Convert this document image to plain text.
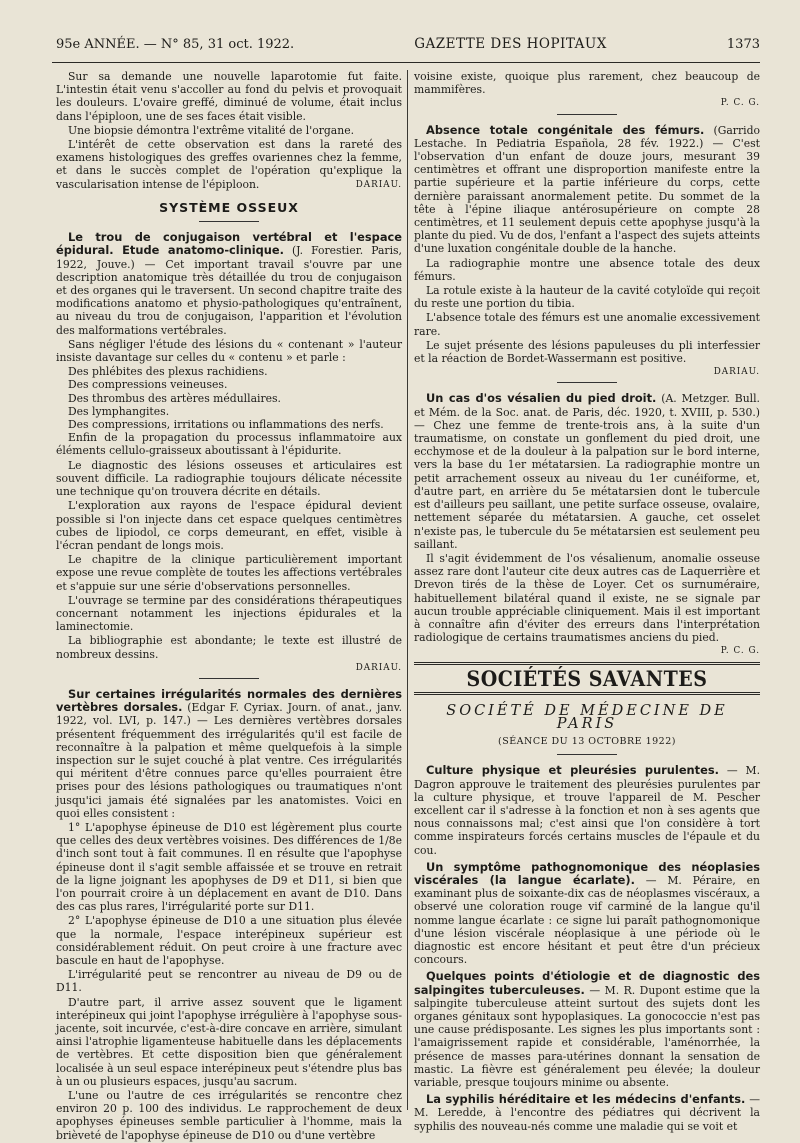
95e ANNÉE. — N° 85, 31 oct. 1922.	GAZETTE DES HOPITAUX	1373

Sur sa demande une nouvelle laparotomie fut faite. L'intestin était venu s'accoller au fond du pelvis et provoquait les douleurs. L'ovaire greffé, diminué de volume, était inclus dans l'épiploon, une de ses faces était visible.

Une biopsie démontra l'extrême vitalité de l'organe.

L'intérêt de cette observation est dans la rareté des examens histologiques des greffes ovariennes chez la femme, et dans le succès complet de l'opération qu'explique la vascularisation intense de l'épiploon.	DARIAU.
SYSTÈME OSSEUX

Le trou de conjugaison vertébral et l'espace épidural. Etude anatomo-clinique. (J. Forestier. Paris, 1922, Jouve.) — Cet important travail s'ouvre par une description anatomique très détaillée du trou de conjugaison et des organes qui le traversent. Un second chapitre traite des modifications anatomo et physio-pathologiques qu'entraînent, au niveau du trou de conjugaison, l'apparition et l'évolution des malformations vertébrales.

Sans négliger l'étude des lésions du « contenant » l'auteur insiste davantage sur celles du « contenu » et parle :

Des phlébites des plexus rachidiens.
Des compressions veineuses.
Des thrombus des artères médullaires.
Des lymphangites.
Des compressions, irritations ou inflammations des nerfs.

Enfin de la propagation du processus inflammatoire aux éléments cellulo-graisseux aboutissant à l'épidurite.

Le diagnostic des lésions osseuses et articulaires est souvent difficile. La radiographie toujours délicate nécessite une technique qu'on trouvera décrite en détails.

L'exploration aux rayons de l'espace épidural devient possible si l'on injecte dans cet espace quelques centimètres cubes de lipiodol, ce corps demeurant, en effet, visible à l'écran pendant de longs mois.

Le chapitre de la clinique particulièrement important expose une revue complète de toutes les affections vertébrales et s'appuie sur une série d'observations personnelles.

L'ouvrage se termine par des considérations thérapeutiques concernant notamment les injections épidurales et la laminectomie.

La bibliographie est abondante; le texte est illustré de nombreux dessins.

DARIAU.

Sur certaines irrégularités normales des dernières vertèbres dorsales. (Edgar F. Cyriax. Journ. of anat., janv. 1922, vol. LVI, p. 147.) — Les dernières vertèbres dorsales présentent fréquemment des irrégularités qu'il est facile de reconnaître à la palpation et même quelquefois à la simple inspection sur le sujet couché à plat ventre. Ces irrégularités qui méritent d'être connues parce qu'elles pourraient être prises pour des lésions pathologiques ou traumatiques n'ont jusqu'ici jamais été signalées par les anatomistes. Voici en quoi elles consistent :

1° L'apophyse épineuse de D10 est légèrement plus courte que celles des deux vertèbres voisines. Des différences de 1/8e d'inch sont tout à fait communes. Il en résulte que l'apophyse épineuse dont il s'agit semble affaissée et se trouve en retrait de la ligne joignant les apophyses de D9 et D11, si bien que l'on pourrait croire à un déplacement en avant de D10. Dans des cas plus rares, l'irrégularité porte sur D11.

2° L'apophyse épineuse de D10 a une situation plus élevée que la normale, l'espace interépineux supérieur est considérablement réduit. On peut croire à une fracture avec bascule en haut de l'apophyse.

L'irrégularité peut se rencontrer au niveau de D9 ou de D11.

D'autre part, il arrive assez souvent que le ligament interépineux qui joint l'apophyse irrégulière à l'apophyse sous-jacente, soit incurvée, c'est-à-dire concave en arrière, simulant ainsi l'atrophie ligamenteuse habituelle dans les déplacements de vertèbres. Et cette disposition bien que généralement localisée à un seul espace interépineux peut s'étendre plus bas à un ou plusieurs espaces, jusqu'au sacrum.

L'une ou l'autre de ces irrégularités se rencontre chez environ 20 p. 100 des individus. Le rapprochement de deux apophyses épineuses semble particulier à l'homme, mais la brièveté de l'apophyse épineuse de D10 ou d'une vertèbre

voisine existe, quoique plus rarement, chez beaucoup de mammifères.

P. C. G.

Absence totale congénitale des fémurs. (Garrido Lestache. In Pediatria Española, 28 fév. 1922.) — C'est l'observation d'un enfant de douze jours, mesurant 39 centimètres et offrant une disproportion manifeste entre la partie supérieure et la partie inférieure du corps, cette dernière paraissant anormalement petite. Du sommet de la tête à l'épine iliaque antérosupérieure on compte 28 centimètres, et 11 seulement depuis cette apophyse jusqu'à la plante du pied. Vu de dos, l'enfant a l'aspect des sujets atteints d'une luxation congénitale double de la hanche.

La radiographie montre une absence totale des deux fémurs.

La rotule existe à la hauteur de la cavité cotyloïde qui reçoit du reste une portion du tibia.

L'absence totale des fémurs est une anomalie excessivement rare.

Le sujet présente des lésions papuleuses du pli interfessier et la réaction de Bordet-Wassermann est positive.

DARIAU.

Un cas d'os vésalien du pied droit. (A. Metzger. Bull. et Mém. de la Soc. anat. de Paris, déc. 1920, t. XVIII, p. 530.) — Chez une femme de trente-trois ans, à la suite d'un traumatisme, on constate un gonflement du pied droit, une ecchymose et de la douleur à la palpation sur le bord interne, vers la base du 1er métatarsien. La radiographie montre un petit arrachement osseux au niveau du 1er cunéiforme, et, d'autre part, en arrière du 5e métatarsien dont le tubercule est d'ailleurs peu saillant, une petite surface osseuse, ovalaire, nettement séparée du métatarsien. A gauche, cet osselet n'existe pas, le tubercule du 5e métatarsien est seulement peu saillant.

Il s'agit évidemment de l'os vésalienum, anomalie osseuse assez rare dont l'auteur cite deux autres cas de Laquerrière et Drevon tirés de la thèse de Loyer. Cet os surnuméraire, habituellement bilatéral quand il existe, ne se signale par aucun trouble appréciable cliniquement. Mais il est important à connaître afin d'éviter des erreurs dans l'interprétation radiologique de certains traumatismes anciens du pied.

P. C. G.
SOCIÉTÉS SAVANTES
SOCIÉTÉ DE MÉDECINE DE PARIS
(SÉANCE DU 13 OCTOBRE 1922)

Culture physique et pleurésies purulentes. — M. Dagron approuve le traitement des pleurésies purulentes par la culture physique, et trouve l'appareil de M. Pescher excellent car il s'adresse à la fonction et non à ses agents que nous connaissons mal; c'est ainsi que l'on considère à tort comme inspirateurs forcés certains muscles de l'épaule et du cou.

Un symptôme pathognomonique des néoplasies viscérales (la langue écarlate). — M. Péraire, en examinant plus de soixante-dix cas de néoplasmes viscéraux, a observé une coloration rouge vif carminé de la langue qu'il nomme langue écarlate : ce signe lui paraît pathognomonique d'une lésion viscérale néoplasique à une période où le diagnostic est encore hésitant et peut être d'un précieux concours.

Quelques points d'étiologie et de diagnostic des salpingites tuberculeuses. — M. R. Dupont estime que la salpingite tuberculeuse atteint surtout des sujets dont les organes génitaux sont hypoplasiques. La gonococcie n'est pas une cause prédisposante. Les signes les plus importants sont : l'amaigrissement rapide et considérable, l'aménorrhée, la présence de masses para-utérines donnant la sensation de mastic. La fièvre est généralement peu élevée; la douleur variable, presque toujours minime ou absente.

La syphilis héréditaire et les médecins d'enfants. — M. Leredde, à l'encontre des pédiatres qui décrivent la syphilis des nouveau-nés comme une maladie qui se voit et
